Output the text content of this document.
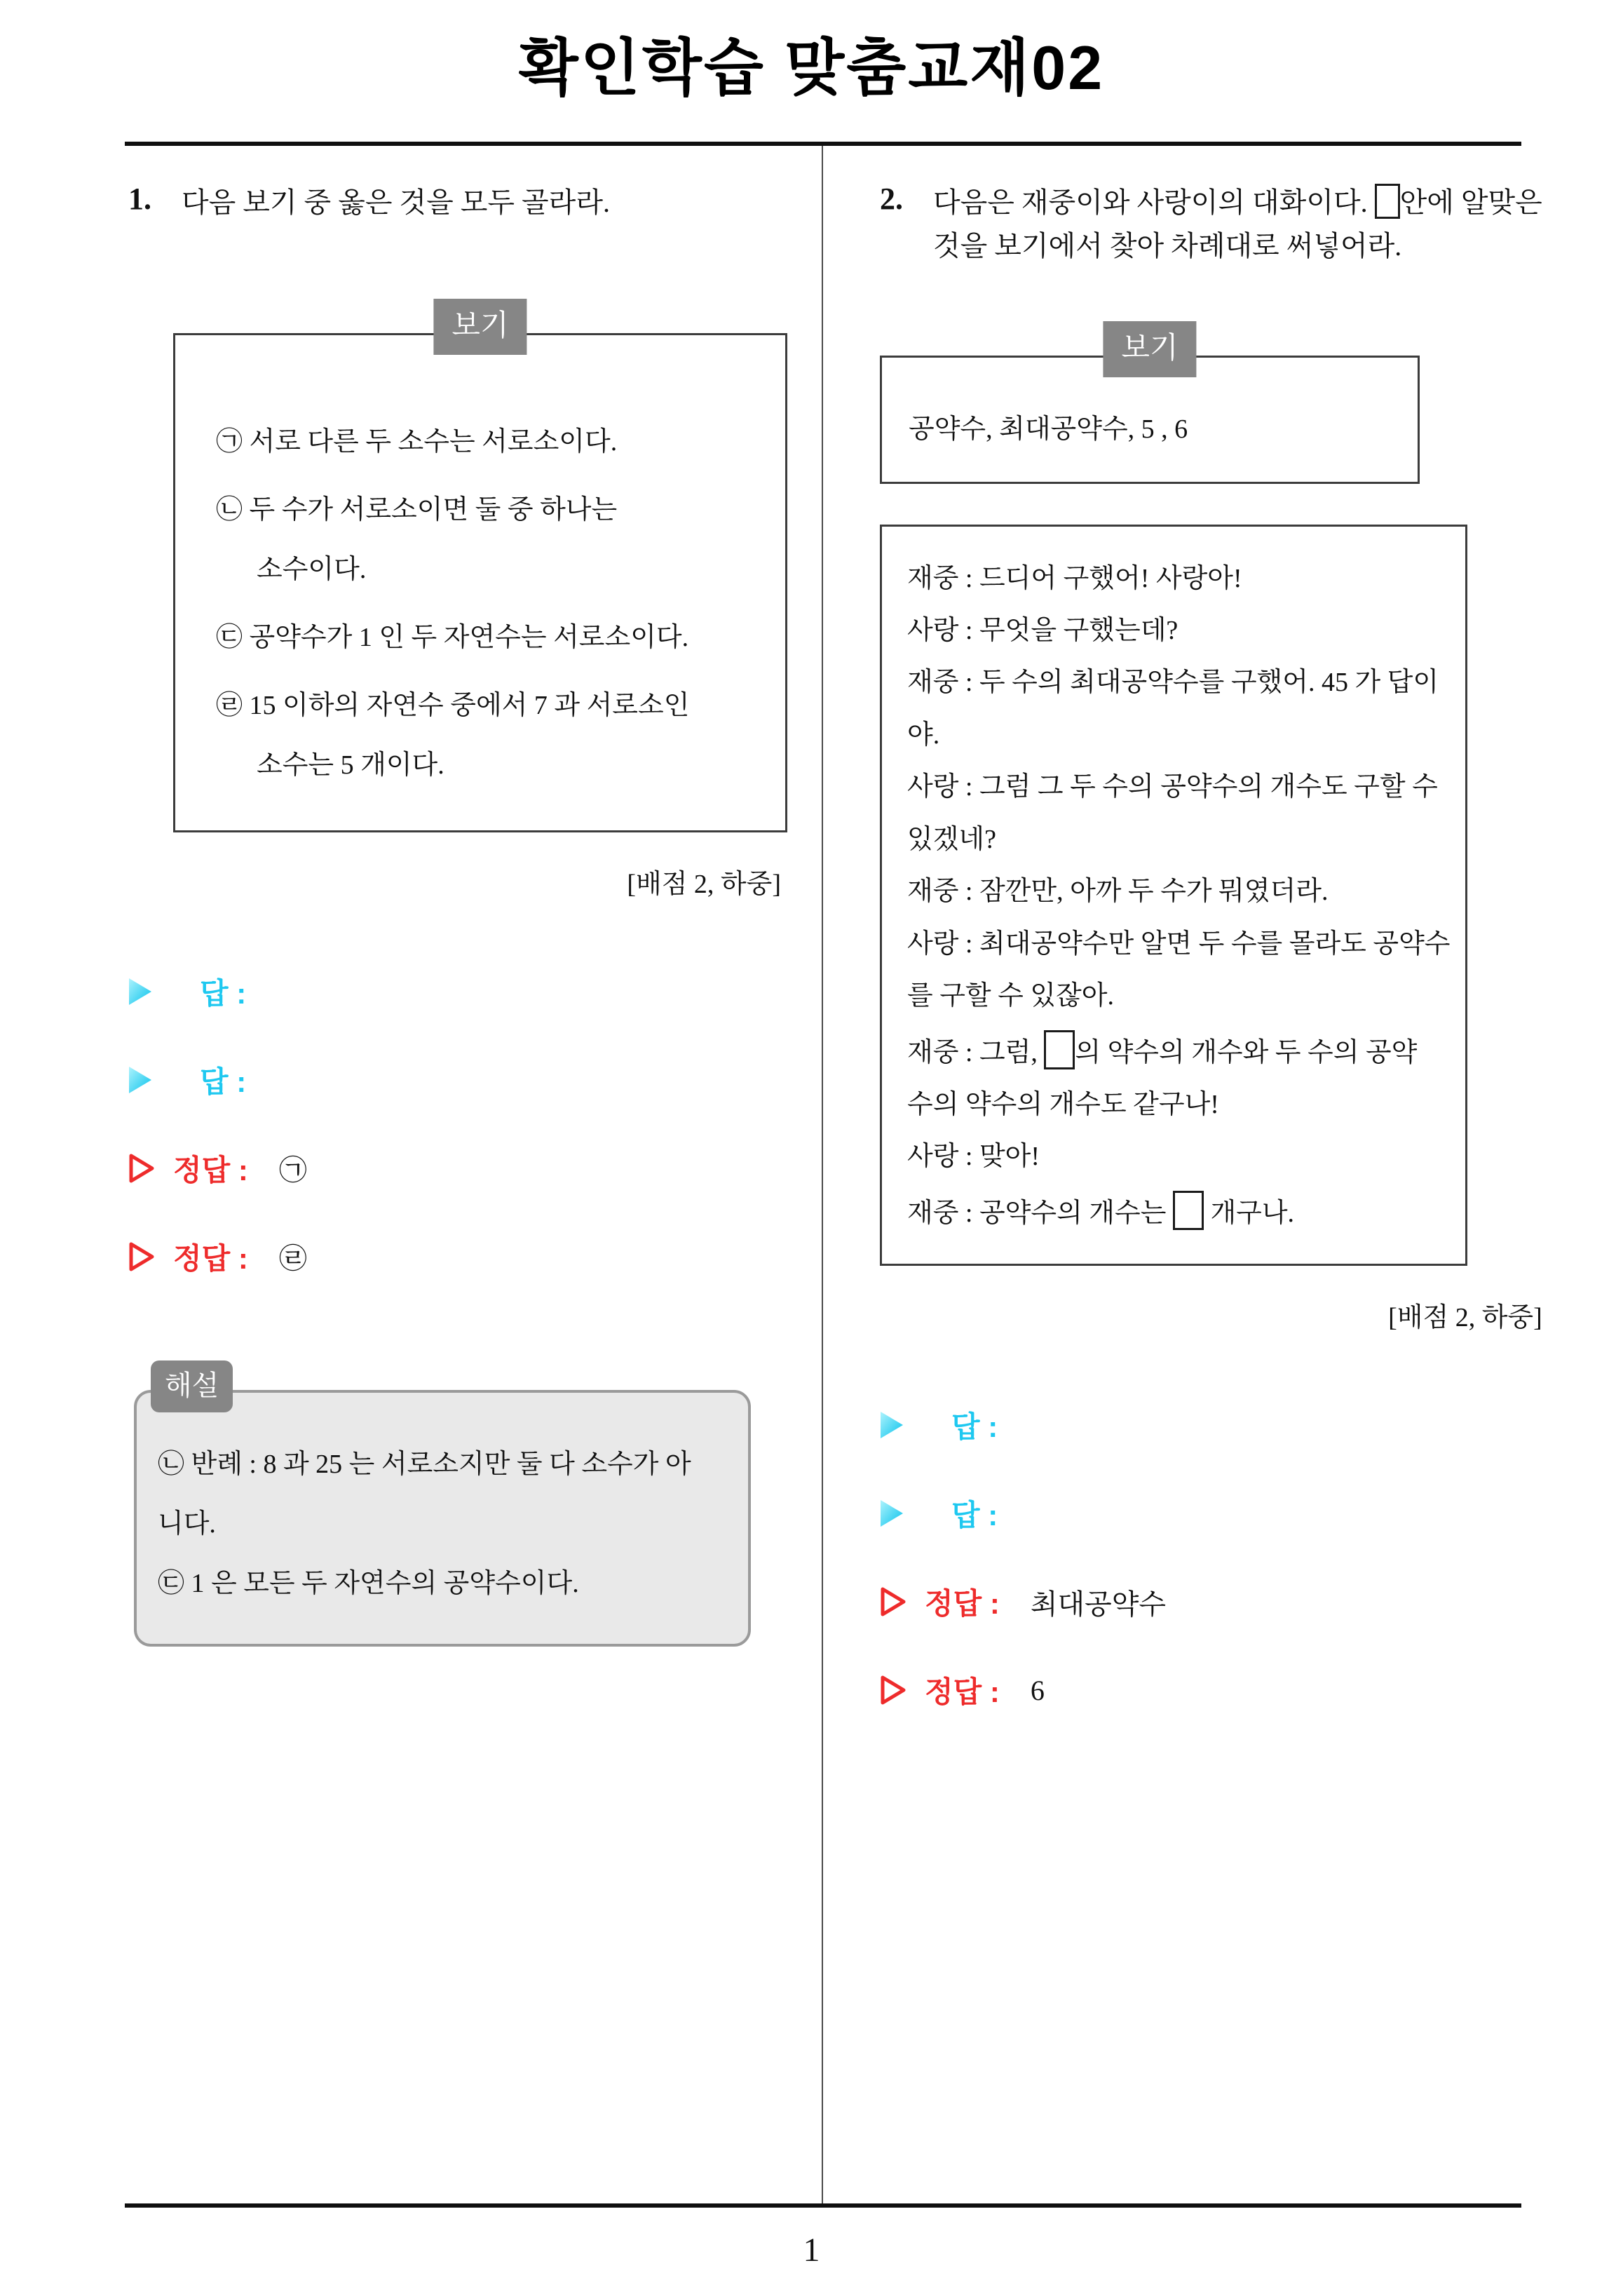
확인학습 맞춤교재02
1.	다음 보기 중 옳은 것을 모두 골라라.
보기
㉠ 서로 다른 두 소수는 서로소이다.
㉡ 두 수가 서로소이면 둘 중 하나는
소수이다.
㉢ 공약수가 1 인 두 자연수는 서로소이다.
㉣ 15 이하의 자연수 중에서 7 과 서로소인
소수는 5 개이다.
[배점 2, 하중]
답 :
답 :
정답 : ㉠
정답 : ㉣
해설
㉡ 반례 : 8 과 25 는 서로소지만 둘 다 소수가 아
니다.
㉢ 1 은 모든 두 자연수의 공약수이다.
2.	다음은 재중이와 사랑이의 대화이다. 안에 알맞은
것을 보기에서 찾아 차례대로 써넣어라.
보기
공약수, 최대공약수, 5 , 6
재중 : 드디어 구했어! 사랑아!
사랑 : 무엇을 구했는데?
재중 : 두 수의 최대공약수를 구했어. 45 가 답이
야.
사랑 : 그럼 그 두 수의 공약수의 개수도 구할 수
있겠네?
재중 : 잠깐만, 아까 두 수가 뭐였더라.
사랑 : 최대공약수만 알면 두 수를 몰라도 공약수
를 구할 수 있잖아.
재중 : 그럼, 의 약수의 개수와 두 수의 공약
수의 약수의 개수도 같구나!
사랑 : 맞아!
재중 : 공약수의 개수는  개구나.
[배점 2, 하중]
답 :
답 :
정답 : 최대공약수
정답 : 6
1
